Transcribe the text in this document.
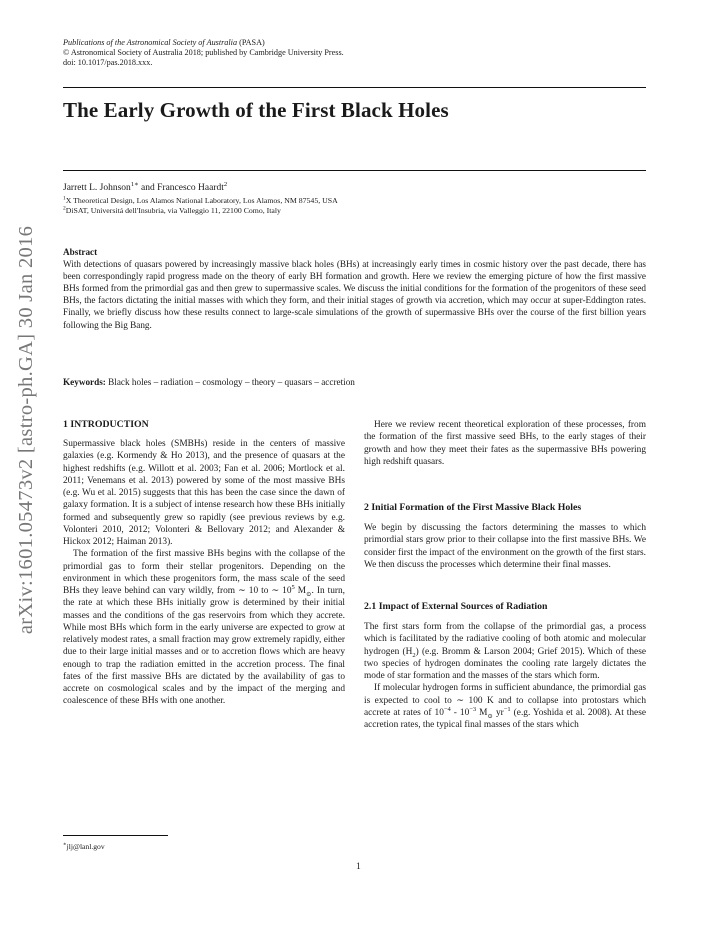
Publications of the Astronomical Society of Australia (PASA)
© Astronomical Society of Australia 2018; published by Cambridge University Press.
doi: 10.1017/pas.2018.xxx.
The Early Growth of the First Black Holes
Jarrett L. Johnson$^{1∗}$ and Francesco Haardt$^2$
$^1$X Theoretical Design, Los Alamos National Laboratory, Los Alamos, NM 87545, USA
$^2$DiSAT, Universitá dell'Insubria, via Valleggio 11, 22100 Como, Italy
arXiv:1601.05473v2 [astro-ph.GA] 30 Jan 2016	Abstract
With detections of quasars powered by increasingly massive black holes (BHs) at increasingly early times in cosmic history over the past decade, there has been correspondingly rapid progress made on the theory of early BH formation and growth. Here we review the emerging picture of how the first massive BHs formed from the primordial gas and then grew to supermassive scales. We discuss the initial conditions for the formation of the progenitors of these seed BHs, the factors dictating the initial masses with which they form, and their initial stages of growth via accretion, which may occur at super-Eddington rates. Finally, we briefly discuss how these results connect to large-scale simulations of the growth of supermassive BHs over the course of the first billion years following the Big Bang.
Keywords: Black holes – radiation – cosmology – theory – quasars – accretion
1 INTRODUCTION

Supermassive black holes (SMBHs) reside in the centers of massive galaxies (e.g. Kormendy & Ho 2013), and the presence of quasars at the highest redshifts (e.g. Willott et al. 2003; Fan et al. 2006; Mortlock et al. 2011; Venemans et al. 2013) powered by some of the most massive BHs (e.g. Wu et al. 2015) suggests that this has been the case since the dawn of galaxy formation. It is a subject of intense research how these BHs initially formed and subsequently grew so rapidly (see previous reviews by e.g. Volonteri 2010, 2012; Volonteri & Bellovary 2012; and Alexander & Hickox 2012; Haiman 2013).

The formation of the first massive BHs begins with the collapse of the primordial gas to form their stellar progenitors. Depending on the environment in which these progenitors form, the mass scale of the seed BHs they leave behind can vary wildly, from ∼ 10 to ∼ $10^5$ $M_⊙$. In turn, the rate at which these BHs initially grow is determined by their initial masses and the conditions of the gas reservoirs from which they accrete. While most BHs which form in the early universe are expected to grow at relatively modest rates, a small fraction may grow extremely rapidly, either due to their large initial masses and or to accretion flows which are heavy enough to trap the radiation emitted in the accretion process. The final fates of the first massive BHs are dictated by the availability of gas to accrete on cosmological scales and by the impact of the merging and coalescence of these BHs with one another.

∗jlj@lanl.gov

Here we review recent theoretical exploration of these processes, from the formation of the first massive seed BHs, to the early stages of their growth and how they meet their fates as the supermassive BHs powering high redshift quasars.

2 Initial Formation of the First Massive Black Holes

We begin by discussing the factors determining the masses to which primordial stars grow prior to their collapse into the first massive BHs. We consider first the impact of the environment on the growth of the first stars. We then discuss the processes which determine their final masses.

2.1 Impact of External Sources of Radiation

The first stars form from the collapse of the primordial gas, a process which is facilitated by the radiative cooling of both atomic and molecular hydrogen $(H_2)$ (e.g. Bromm & Larson 2004; Grief 2015). Which of these two species of hydrogen dominates the cooling rate largely dictates the mode of star formation and the masses of the stars which form.

If molecular hydrogen forms in sufficient abundance, the primordial gas is expected to cool to ∼ 100 K and to collapse into protostars which accrete at rates of $10^{-4} - 10^{-3}$ $M_⊙$ $yr^{-1}$ (e.g. Yoshida et al. 2008). At these accretion rates, the typical final masses of the stars which

1
